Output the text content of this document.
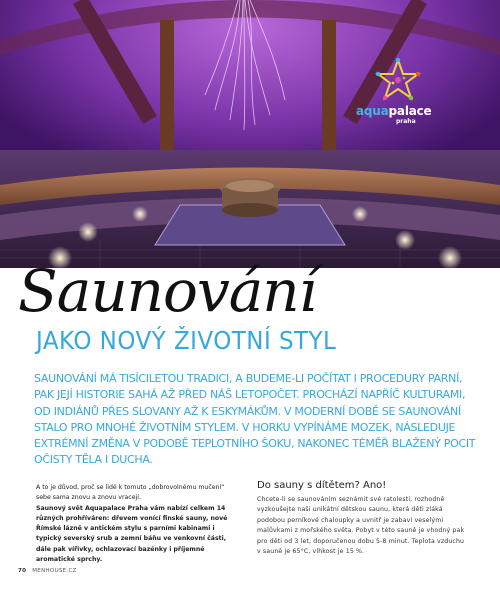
aquapalace
praha
Saunování
JAKO NOVÝ ŽIVOTNÍ STYL
SAUNOVÁNÍ MÁ TISÍCILETOU TRADICI, A BUDEME-LI POČÍTAT I PROCEDURY PARNÍ, PAK JEJÍ HISTORIE SAHÁ AŽ PŘED NÁŠ LETOPOČET. PROCHÁZÍ NAPŘÍČ KULTURAMI, OD INDIÁNŮ PŘES SLOVANY AŽ K ESKYMÁKŮM. V MODERNÍ DOBĚ SE SAUNOVÁNÍ STALO PRO MNOHÉ ŽIVOTNÍM STYLEM. V HORKU VYPÍNÁME MOZEK, NÁSLEDUJE EXTRÉMNÍ ZMĚNA V PODOBĚ TEPLOTNÍHO ŠOKU, NAKONEC TÉMĚŘ BLAŽENÝ POCIT OČISTY TĚLA I DUCHA.

A to je důvod, proč se lidé k tomuto „dobrovolnému mučení“ sebe sama znovu a znovu vracejí.

Saunový svět Aquapalace Praha vám nabízí celkem 14 různých prohříváren: dřevem vonící finské sauny, nové Římské lázně v antickém stylu s parními kabinami i typický severský srub a zemní báňu ve venkovní části, dále pak vířivky, ochlazovací bazénky i příjemné aromatické sprchy.

Do sauny s dítětem? Ano!

Chcete-li se saunováním seznámit své ratolesti, rozhodně vyzkoušejte naši unikátní dětskou saunu, která děti zláká podobou perníkové chaloupky a uvnitř je zabaví veselými malůvkami z mořského světa. Pobyt v této sauně je vhodný pak pro děti od 3 let, doporučenou dobu 5-8 minut. Teplota vzduchu v sauně je 65°C, vlhkost je 15 %.

70 MENHOUSE.CZ
